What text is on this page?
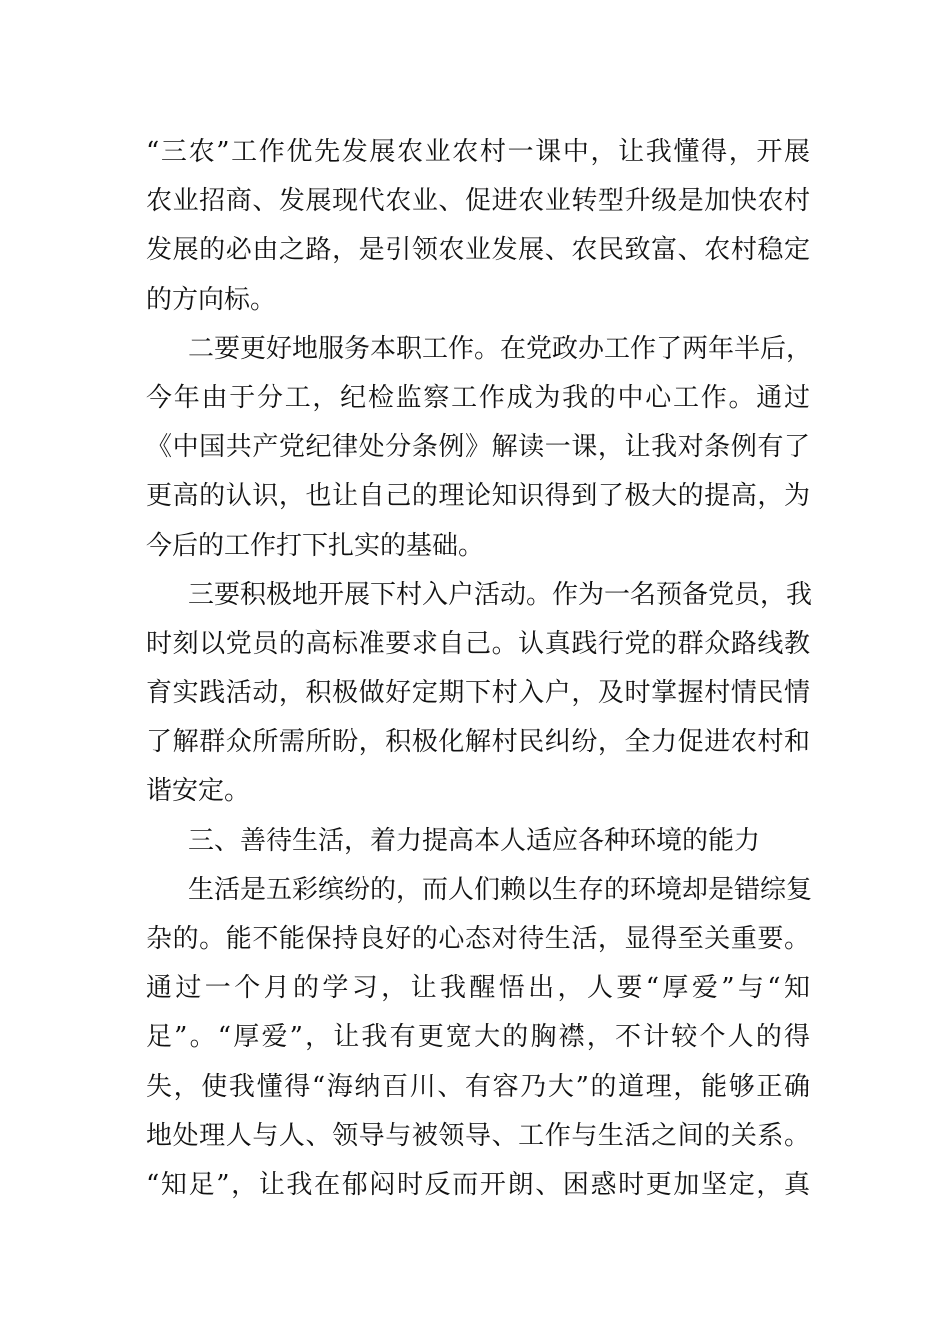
“三农”工作优先发展农业农村一课中，让我懂得，开展
农业招商、发展现代农业、促进农业转型升级是加快农村
发展的必由之路，是引领农业发展、农民致富、农村稳定
的方向标。
二要更好地服务本职工作。在党政办工作了两年半后，
今年由于分工，纪检监察工作成为我的中心工作。通过
《中国共产党纪律处分条例》解读一课，让我对条例有了
更高的认识，也让自己的理论知识得到了极大的提高，为
今后的工作打下扎实的基础。
三要积极地开展下村入户活动。作为一名预备党员，我
时刻以党员的高标准要求自己。认真践行党的群众路线教
育实践活动，积极做好定期下村入户，及时掌握村情民情
了解群众所需所盼，积极化解村民纠纷，全力促进农村和
谐安定。
三、善待生活，着力提高本人适应各种环境的能力
生活是五彩缤纷的，而人们赖以生存的环境却是错综复
杂的。能不能保持良好的心态对待生活，显得至关重要。
通过一个月的学习，让我醒悟出，人要“厚爱”与“知
足”。“厚爱”，让我有更宽大的胸襟，不计较个人的得
失，使我懂得“海纳百川、有容乃大”的道理，能够正确
地处理人与人、领导与被领导、工作与生活之间的关系。
“知足”，让我在郁闷时反而开朗、困惑时更加坚定，真
